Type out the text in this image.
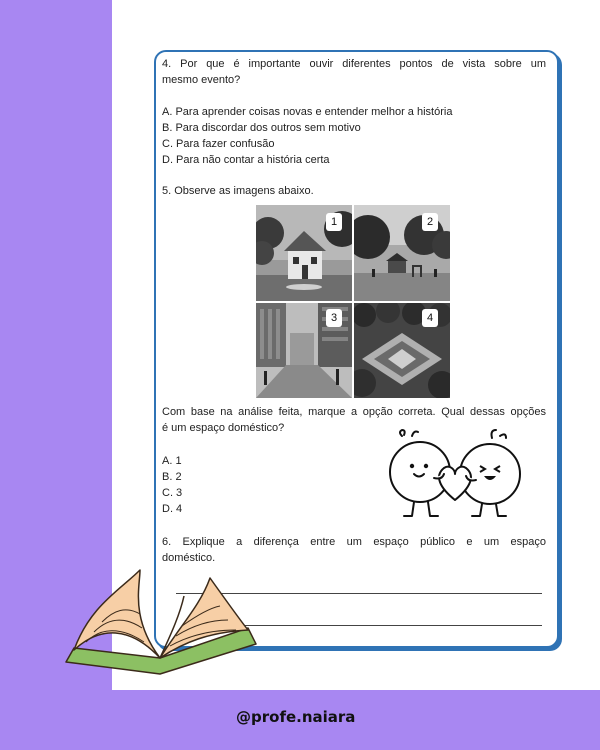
4. Por que é importante ouvir diferentes pontos de vista sobre um

mesmo evento?

A. Para aprender coisas novas e entender melhor a história

B. Para discordar dos outros sem motivo

C. Para fazer confusão

D. Para não contar a história certa

5. Observe as imagens abaixo.

1	2
3	4

Com base na análise feita, marque a opção correta. Qual dessas opções

é um espaço doméstico?

A. 1

B. 2

C. 3

D. 4

6. Explique a diferença entre um espaço público e um espaço

doméstico.

@profe.naiara
